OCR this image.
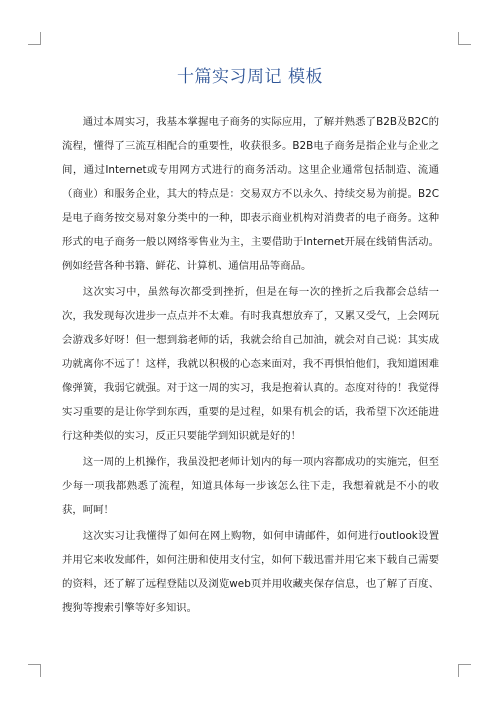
十篇实习周记 模板

通过本周实习，我基本掌握电子商务的实际应用，了解并熟悉了B2B及B2C的流程，懂得了三流互相配合的重要性，收获很多。B2B电子商务是指企业与企业之间，通过Internet或专用网方式进行的商务活动。这里企业通常包括制造、流通（商业）和服务企业，其大的特点是：交易双方不以永久、持续交易为前提。B2C是电子商务按交易对象分类中的一种，即表示商业机构对消费者的电子商务。这种形式的电子商务一般以网络零售业为主，主要借助于Internet开展在线销售活动。例如经营各种书籍、鲜花、计算机、通信用品等商品。

这次实习中，虽然每次都受到挫折，但是在每一次的挫折之后我都会总结一次，我发现每次进步一点点并不太难。有时我真想放弃了，又累又受气，上会网玩会游戏多好呀！但一想到翁老师的话，我就会给自己加油，就会对自己说：其实成功就离你不远了！这样，我就以积极的心态来面对，我不再惧怕他们，我知道困难像弹簧，我弱它就强。对于这一周的实习，我是抱着认真的。态度对待的！我觉得实习重要的是让你学到东西，重要的是过程，如果有机会的话，我希望下次还能进行这种类似的实习，反正只要能学到知识就是好的！

这一周的上机操作，我虽没把老师计划内的每一项内容都成功的实施完，但至少每一项我都熟悉了流程，知道具体每一步该怎么往下走，我想着就是不小的收获，呵呵！

这次实习让我懂得了如何在网上购物，如何申请邮件，如何进行outlook设置并用它来收发邮件，如何注册和使用支付宝，如何下载迅雷并用它来下载自己需要的资料，还了解了远程登陆以及浏览web页并用收藏夹保存信息，也了解了百度、搜狗等搜索引擎等好多知识。
